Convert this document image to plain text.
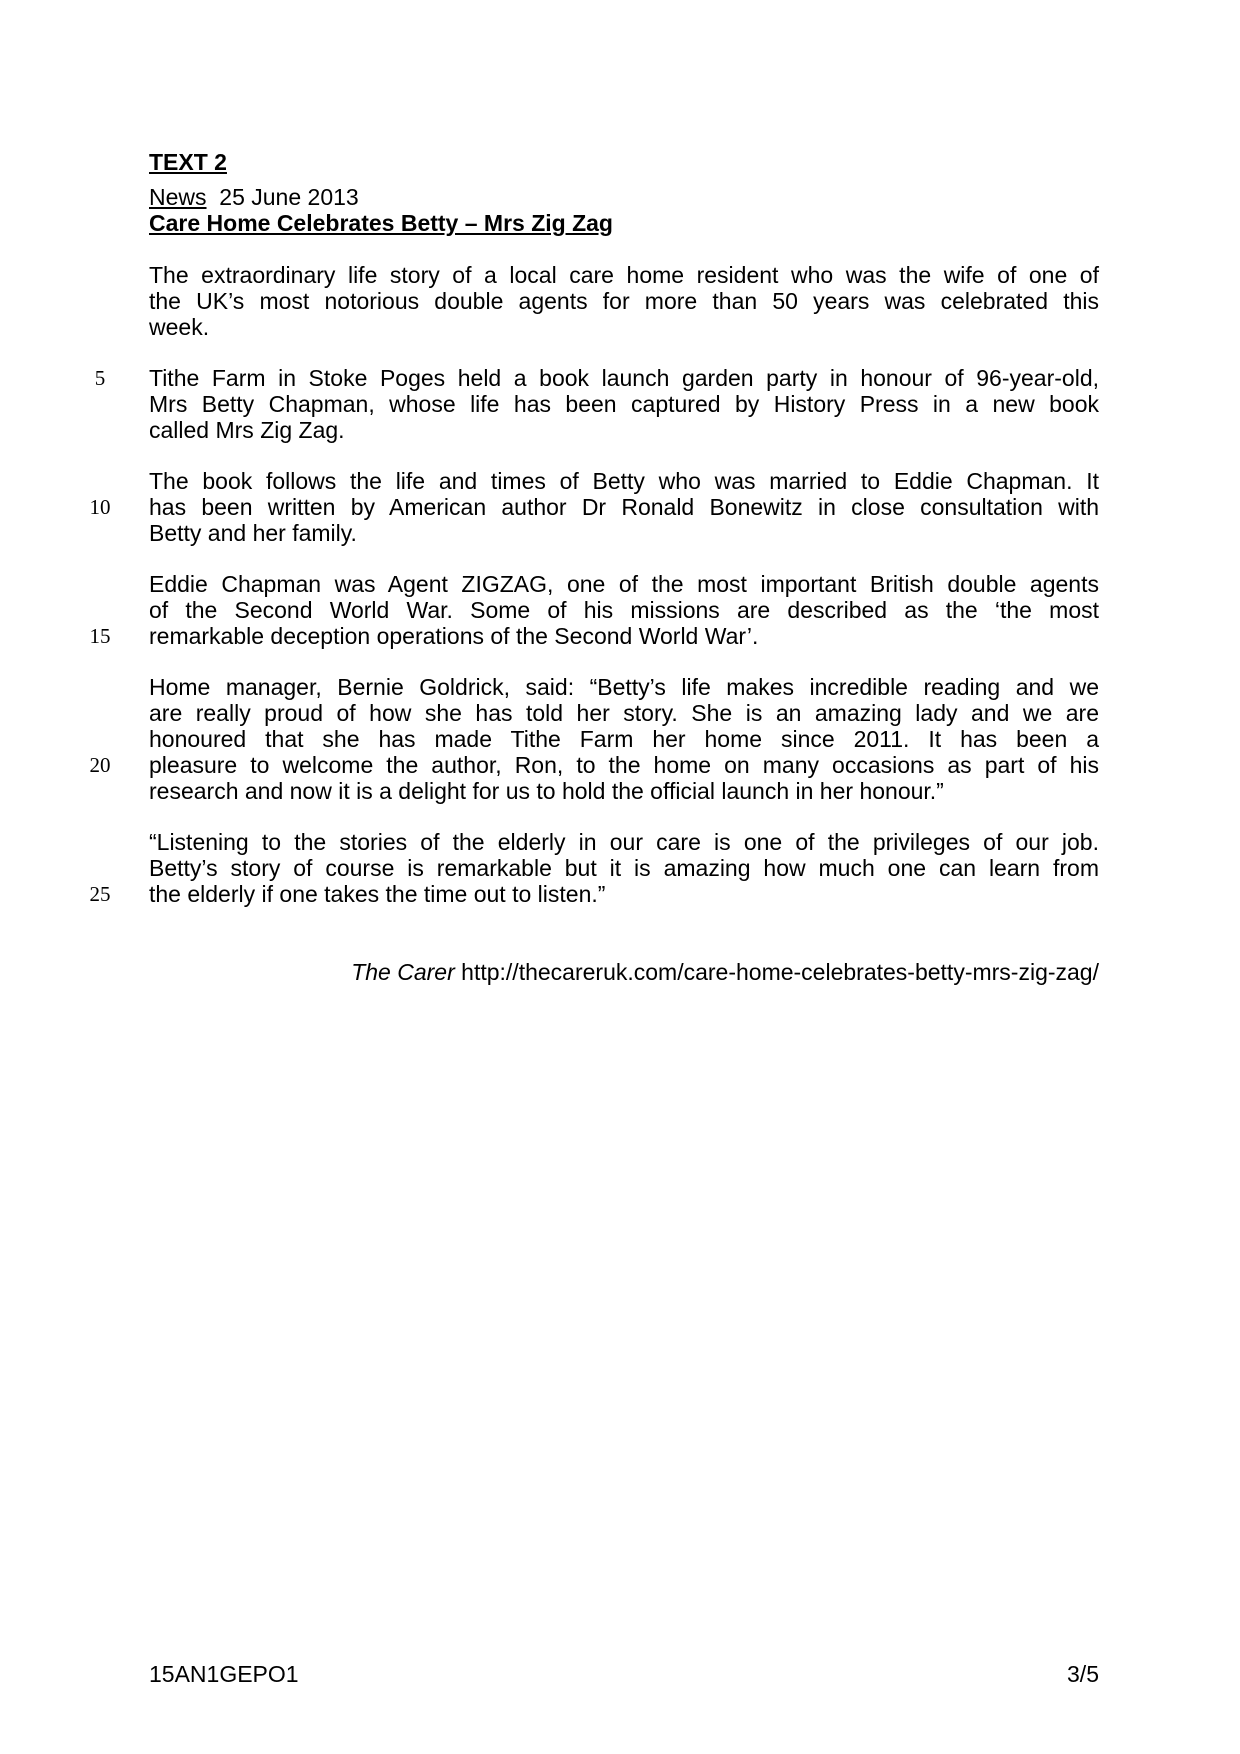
TEXT 2
News 25 June 2013
Care Home Celebrates Betty – Mrs Zig Zag
The extraordinary life story of a local care home resident who was the wife of one of
the UK’s most notorious double agents for more than 50 years was celebrated this
week.
5	Tithe Farm in Stoke Poges held a book launch garden party in honour of 96-year-old,
Mrs Betty Chapman, whose life has been captured by History Press in a new book
called Mrs Zig Zag.
The book follows the life and times of Betty who was married to Eddie Chapman. It
10	has been written by American author Dr Ronald Bonewitz in close consultation with
Betty and her family.
Eddie Chapman was Agent ZIGZAG, one of the most important British double agents
of the Second World War. Some of his missions are described as the ‘the most
15	remarkable deception operations of the Second World War’.
Home manager, Bernie Goldrick, said: “Betty’s life makes incredible reading and we
are really proud of how she has told her story. She is an amazing lady and we are
honoured that she has made Tithe Farm her home since 2011. It has been a
20	pleasure to welcome the author, Ron, to the home on many occasions as part of his
research and now it is a delight for us to hold the official launch in her honour.”
“Listening to the stories of the elderly in our care is one of the privileges of our job.
Betty’s story of course is remarkable but it is amazing how much one can learn from
25	the elderly if one takes the time out to listen.”
The Carer http://thecareruk.com/care-home-celebrates-betty-mrs-zig-zag/
15AN1GEPO1	3/5
